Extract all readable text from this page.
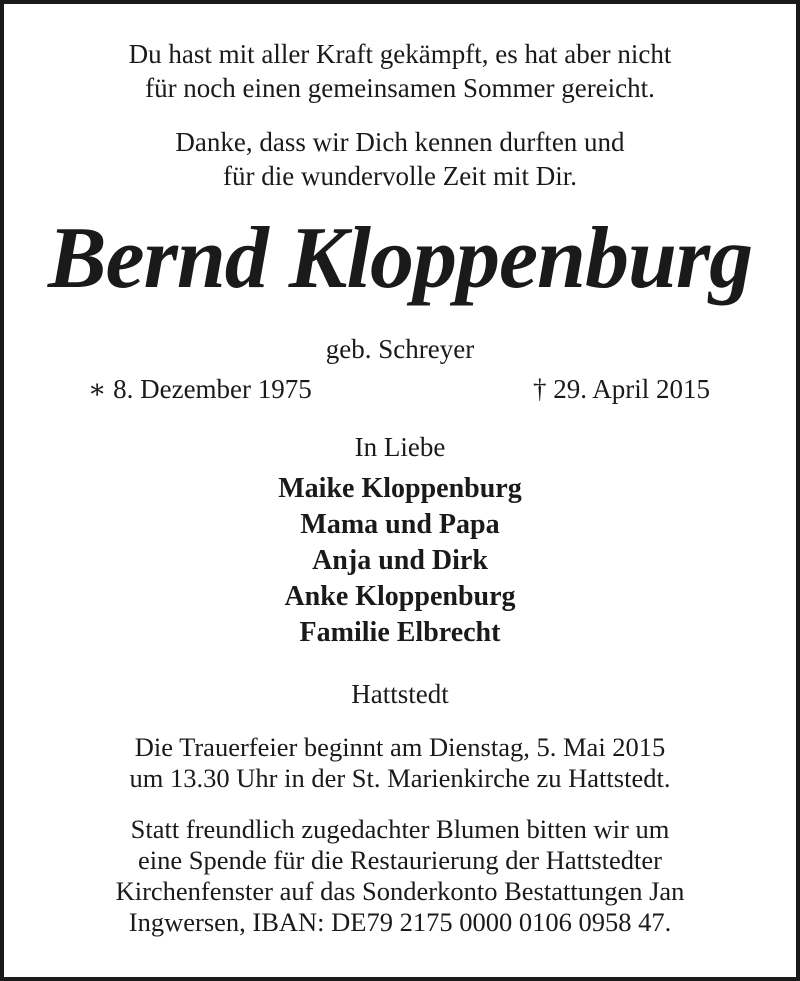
Du hast mit aller Kraft gekämpft, es hat aber nicht
für noch einen gemeinsamen Sommer gereicht.
Danke, dass wir Dich kennen durften und
für die wundervolle Zeit mit Dir.
Bernd Kloppenburg
geb. Schreyer
∗ 8. Dezember 1975	† 29. April 2015
In Liebe
Maike Kloppenburg
Mama und Papa
Anja und Dirk
Anke Kloppenburg
Familie Elbrecht
Hattstedt
Die Trauerfeier beginnt am Dienstag, 5. Mai 2015
um 13.30 Uhr in der St. Marienkirche zu Hattstedt.
Statt freundlich zugedachter Blumen bitten wir um
eine Spende für die Restaurierung der Hattstedter
Kirchenfenster auf das Sonderkonto Bestattungen Jan
Ingwersen, IBAN: DE79 2175 0000 0106 0958 47.
